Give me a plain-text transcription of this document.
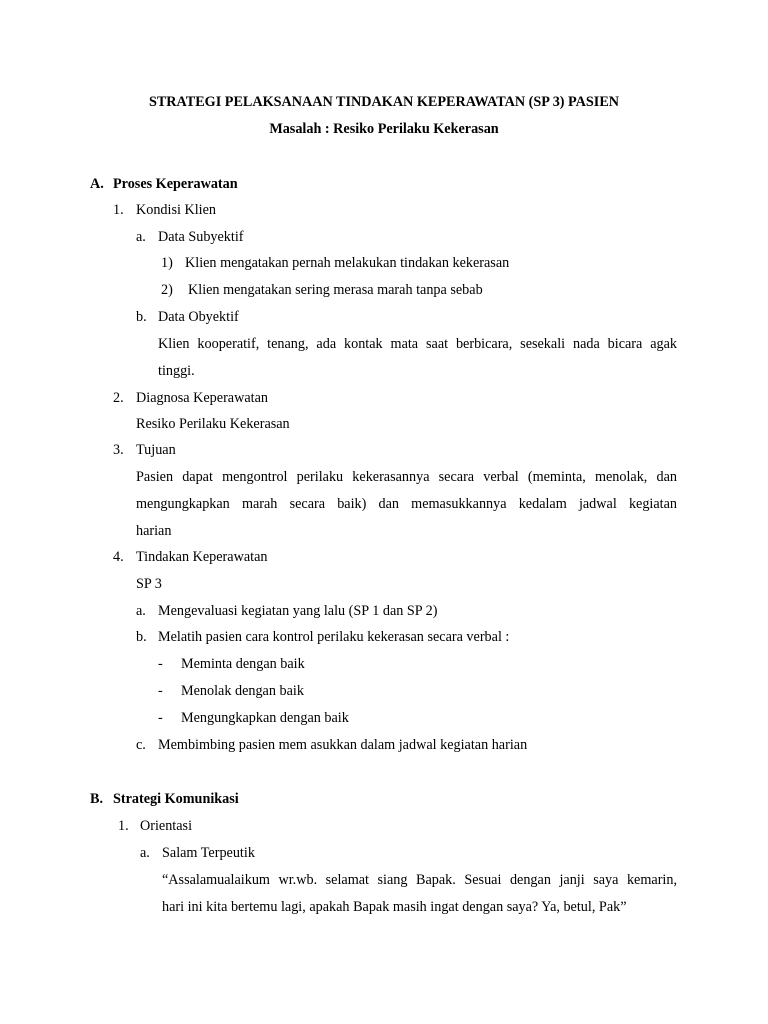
STRATEGI PELAKSANAAN TINDAKAN KEPERAWATAN (SP 3) PASIEN
Masalah : Resiko Perilaku Kekerasan
A. Proses Keperawatan
1. Kondisi Klien
a. Data Subyektif
1) Klien mengatakan pernah melakukan tindakan kekerasan
2) Klien mengatakan sering merasa marah tanpa sebab
b. Data Obyektif
Klien kooperatif, tenang, ada kontak mata saat berbicara, sesekali nada bicara agak
tinggi.
2. Diagnosa Keperawatan
Resiko Perilaku Kekerasan
3. Tujuan
Pasien dapat mengontrol perilaku kekerasannya secara verbal (meminta, menolak, dan
mengungkapkan marah secara baik) dan memasukkannya kedalam jadwal kegiatan
harian
4. Tindakan Keperawatan
SP 3
a. Mengevaluasi kegiatan yang lalu (SP 1 dan SP 2)
b. Melatih pasien cara kontrol perilaku kekerasan secara verbal :
- Meminta dengan baik
- Menolak dengan baik
- Mengungkapkan dengan baik
c. Membimbing pasien mem asukkan dalam jadwal kegiatan harian
B. Strategi Komunikasi
1. Orientasi
a. Salam Terpeutik
“Assalamualaikum wr.wb. selamat siang Bapak. Sesuai dengan janji saya kemarin,
hari ini kita bertemu lagi, apakah Bapak masih ingat dengan saya? Ya, betul, Pak”
